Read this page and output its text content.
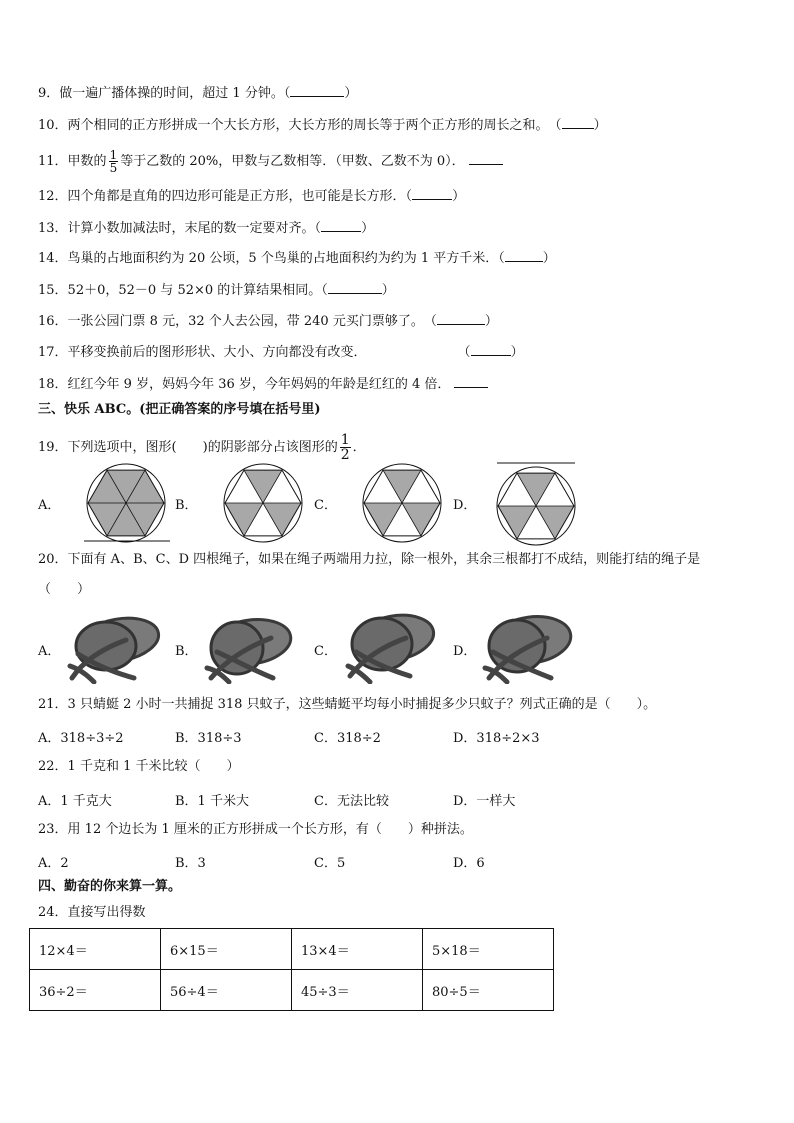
9．做一遍广播体操的时间，超过 1 分钟。（	）
10．两个相同的正方形拼成一个大长方形，大长方形的周长等于两个正方形的周长之和。　（ ）
11．甲数的 $\frac{1}{5}$ 等于乙数的 20%，甲数与乙数相等．（甲数、乙数不为 0）．
12．四个角都是直角的四边形可能是正方形，也可能是长方形．（	）
13．计算小数加减法时，末尾的数一定要对齐。（	）
14．鸟巢的占地面积约为 20 公顷，5 个鸟巢的占地面积约为约为 1 平方千米．（	）
15．52＋0，52－0 与 52×0 的计算结果相同。（	）
16．一张公园门票 8 元，32 个人去公园，带 240 元买门票够了。　（	）
17．平移变换前后的图形形状、大小、方向都没有改变．　　　　　　　　（	）
18．红红今年 9 岁，妈妈今年 36 岁，今年妈妈的年龄是红红的 4 倍．
三、快乐 ABC。(把正确答案的序号填在括号里)
19．下列选项中，图形(　　)的阴影部分占该图形的 $\frac{1}{2}$ ．
A．	B．	C．	D．
20．下面有 A、B、C、D 四根绳子，如果在绳子两端用力拉，除一根外，其余三根都打不成结，则能打结的绳子是
（　　）
A．	B．	C．	D．
21．3 只蜻蜓 2 小时一共捕捉 318 只蚊子，这些蜻蜓平均每小时捕捉多少只蚊子？列式正确的是（　　）。
A．318÷3÷2	B．318÷3	C．318÷2	D．318÷2×3
22．1 千克和 1 千米比较（　　）
A．1 千克大	B．1 千米大	C．无法比较	D．一样大
23．用 12 个边长为 1 厘米的正方形拼成一个长方形，有（　　）种拼法。
A．2	B．3	C．5	D．6
四、勤奋的你来算一算。
24．直接写出得数
12×4＝	6×15＝	13×4＝	5×18＝
36÷2＝	56÷4＝	45÷3＝	80÷5＝
